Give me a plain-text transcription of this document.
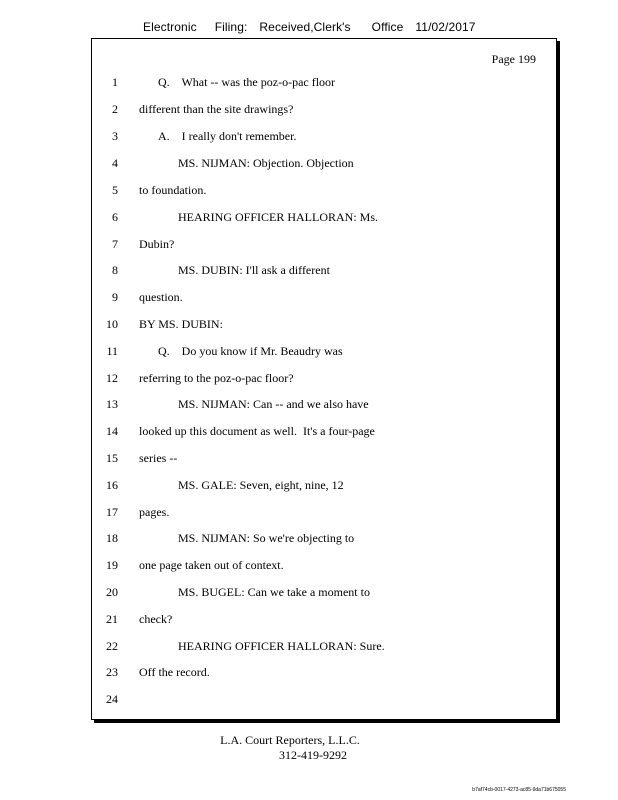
Electronic Filing: Received,Clerk's Office 11/02/2017
Page 199
1	Q.    What -- was the poz-o-pac floor
2 different than the site drawings?
3	A.    I really don't remember.
4	MS. NIJMAN: Objection. Objection
5 to foundation.
6	HEARING OFFICER HALLORAN: Ms.
7 Dubin?
8	MS. DUBIN: I'll ask a different
9 question.
10 BY MS. DUBIN:
11	Q.    Do you know if Mr. Beaudry was
12 referring to the poz-o-pac floor?
13	MS. NIJMAN: Can -- and we also have
14 looked up this document as well.  It's a four-page
15 series --
16	MS. GALE: Seven, eight, nine, 12
17 pages.
18	MS. NIJMAN: So we're objecting to
19 one page taken out of context.
20	MS. BUGEL: Can we take a moment to
21 check?
22	HEARING OFFICER HALLORAN: Sure.
23 Off the record.
24
L.A. Court Reporters, L.L.C.
312-419-9292
b7af74cb-0017-4273-ac85-9da71b675055
